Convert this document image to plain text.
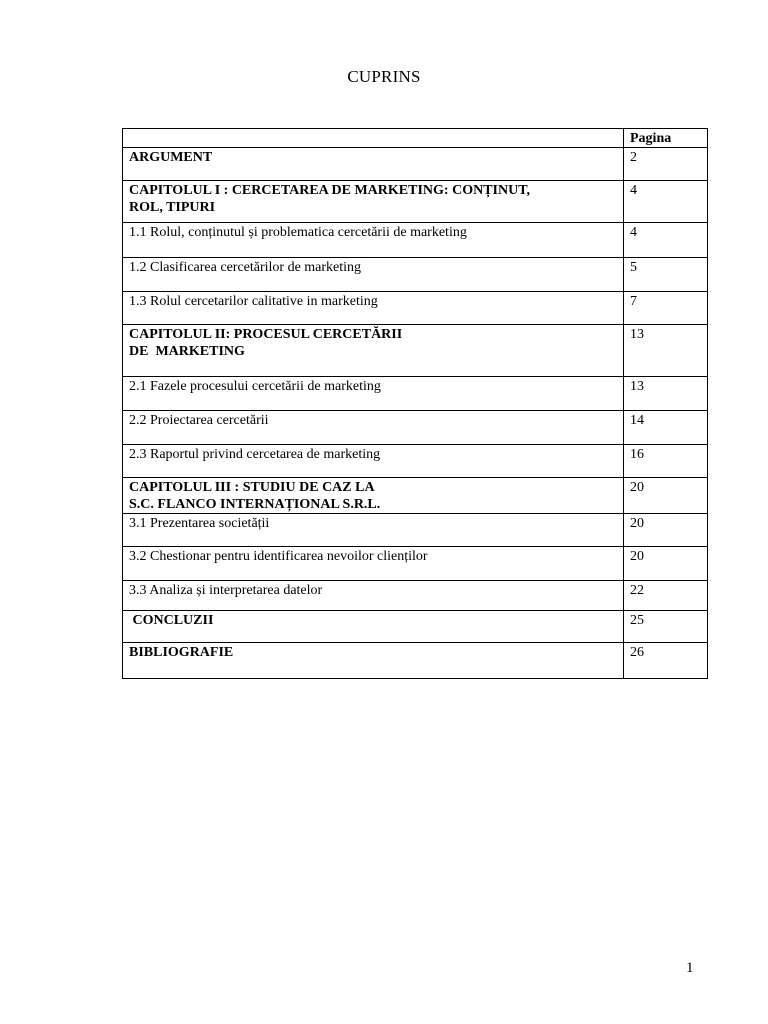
CUPRINS
	Pagina
ARGUMENT	2

CAPITOLUL I : CERCETAREA DE MARKETING: CONȚINUT,
ROL, TIPURI	4
1.1 Rolul, conținutul și problematica cercetării de marketing	4
1.2 Clasificarea cercetărilor de marketing	5
1.3 Rolul cercetarilor calitative in marketing	7

CAPITOLUL II: PROCESUL CERCETĂRII
DE  MARKETING	13
2.1 Fazele procesului cercetării de marketing	13
2.2 Proiectarea cercetării	14
2.3 Raportul privind cercetarea de marketing	16

CAPITOLUL III : STUDIU DE CAZ LA
S.C. FLANCO INTERNAȚIONAL S.R.L.	20
3.1 Prezentarea societății	20
3.2 Chestionar pentru identificarea nevoilor clienților	20
3.3 Analiza și interpretarea datelor	22
CONCLUZII	25
BIBLIOGRAFIE	26
1
